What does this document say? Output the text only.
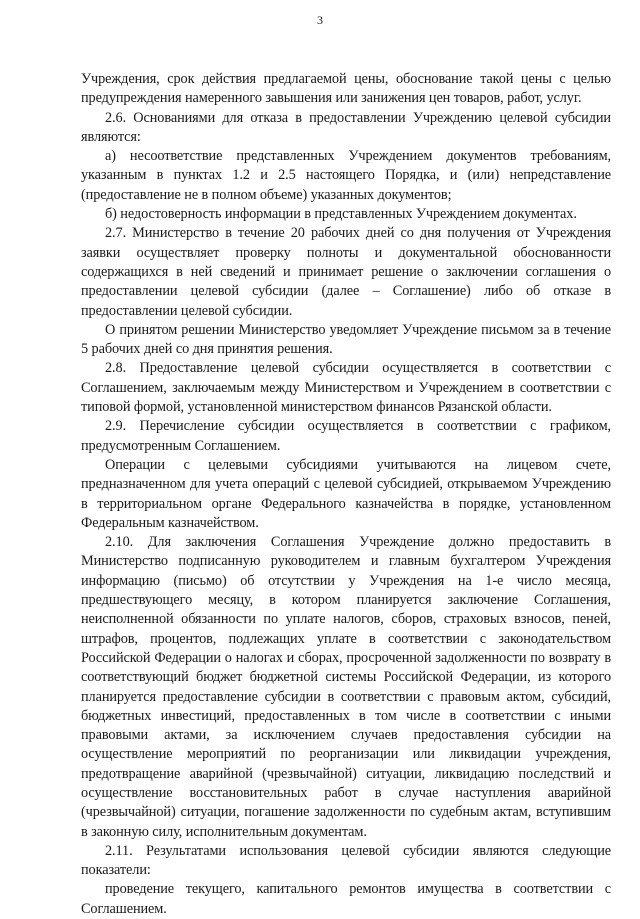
3

Учреждения, срок действия предлагаемой цены, обоснование такой цены с целью предупреждения намеренного завышения или занижения цен товаров, работ, услуг.

2.6. Основаниями для отказа в предоставлении Учреждению целевой субсидии являются:

а) несоответствие представленных Учреждением документов требованиям, указанным в пунктах 1.2 и 2.5 настоящего Порядка, и (или) непредставление (предоставление не в полном объеме) указанных документов;

б) недостоверность информации в представленных Учреждением документах.

2.7. Министерство в течение 20 рабочих дней со дня получения от Учреждения заявки осуществляет проверку полноты и документальной обоснованности содержащихся в ней сведений и принимает решение о заключении соглашения о предоставлении целевой субсидии (далее – Соглашение) либо об отказе в предоставлении целевой субсидии.

О принятом решении Министерство уведомляет Учреждение письмом за в течение 5 рабочих дней со дня принятия решения.

2.8. Предоставление целевой субсидии осуществляется в соответствии с Соглашением, заключаемым между Министерством и Учреждением в соответствии с типовой формой, установленной министерством финансов Рязанской области.

2.9. Перечисление субсидии осуществляется в соответствии с графиком, предусмотренным Соглашением.

Операции с целевыми субсидиями учитываются на лицевом счете, предназначенном для учета операций с целевой субсидией, открываемом Учреждению в территориальном органе Федерального казначейства в порядке, установленном Федеральным казначейством.

2.10. Для заключения Соглашения Учреждение должно предоставить в Министерство подписанную руководителем и главным бухгалтером Учреждения информацию (письмо) об отсутствии у Учреждения на 1-е число месяца, предшествующего месяцу, в котором планируется заключение Соглашения, неисполненной обязанности по уплате налогов, сборов, страховых взносов, пеней, штрафов, процентов, подлежащих уплате в соответствии с законодательством Российской Федерации о налогах и сборах, просроченной задолженности по возврату в соответствующий бюджет бюджетной системы Российской Федерации, из которого планируется предоставление субсидии в соответствии с правовым актом, субсидий, бюджетных инвестиций, предоставленных в том числе в соответствии с иными правовыми актами, за исключением случаев предоставления субсидии на осуществление мероприятий по реорганизации или ликвидации учреждения, предотвращение аварийной (чрезвычайной) ситуации, ликвидацию последствий и осуществление восстановительных работ в случае наступления аварийной (чрезвычайной) ситуации, погашение задолженности по судебным актам, вступившим в законную силу, исполнительным документам.

2.11. Результатами использования целевой субсидии являются следующие показатели:

проведение текущего, капитального ремонтов имущества в соответствии с Соглашением.
